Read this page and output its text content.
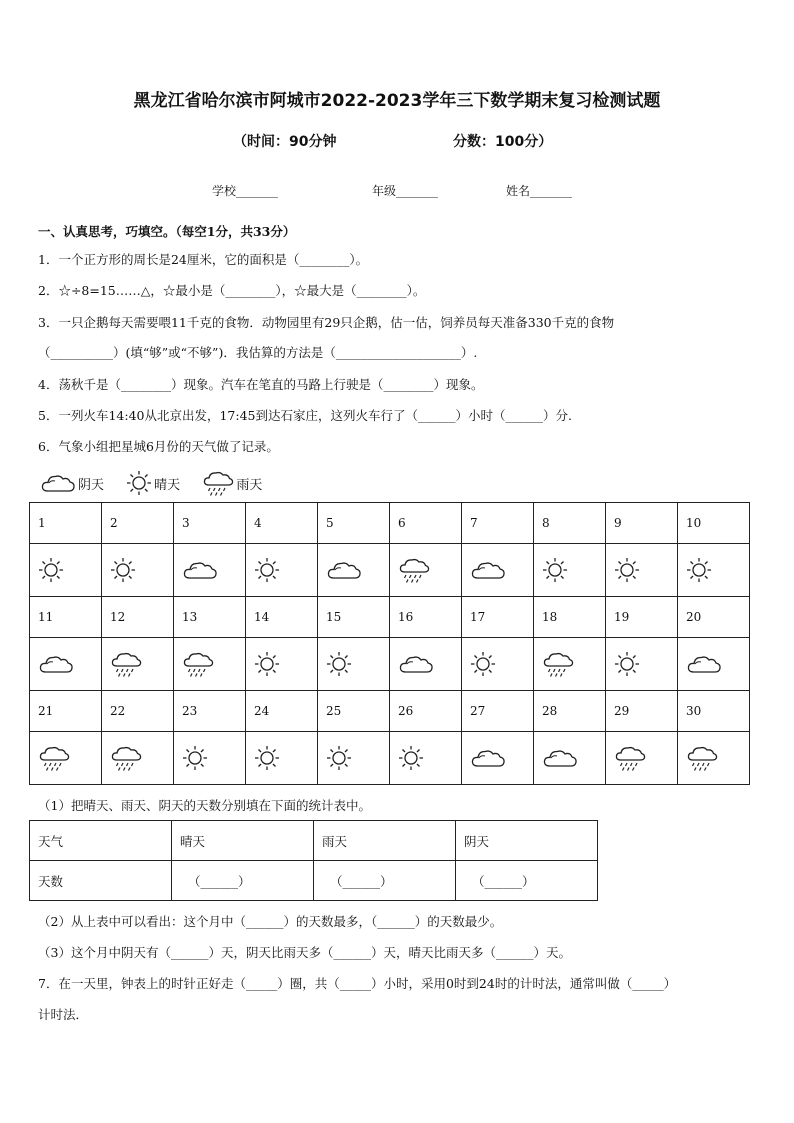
黑龙江省哈尔滨市阿城市2022-2023学年三下数学期末复习检测试题
（时间：90分钟	分数：100分）
学校_______	年级_______	姓名_______
一、认真思考，巧填空。（每空1分，共33分）
1．一个正方形的周长是24厘米，它的面积是（________）。
2．☆÷8=15……△，☆最小是（________），☆最大是（________）。
3．一只企鹅每天需要喂11千克的食物．动物园里有29只企鹅，估一估，饲养员每天准备330千克的食物
（__________）(填“够”或“不够”)．我估算的方法是（____________________）.
4．荡秋千是（________）现象。汽车在笔直的马路上行驶是（________）现象。
5．一列火车14:40从北京出发，17:45到达石家庄，这列火车行了（______）小时（______）分.
6．气象小组把星城6月份的天气做了记录。
阴天
	晴天
	雨天
1	2	3	4	5	6	7	8	9	10

11	12	13	14	15	16	17	18	19	20

21	22	23	24	25	26	27	28	29	30

（1）把晴天、雨天、阴天的天数分别填在下面的统计表中。
天气	晴天	雨天	阴天
天数	（______）	（______）	（______）
（2）从上表中可以看出：这个月中（______）的天数最多，（______）的天数最少。
（3）这个月中阴天有（______）天，阴天比雨天多（______）天，晴天比雨天多（______）天。
7．在一天里，钟表上的时针正好走（_____）圈，共（_____）小时，采用0时到24时的计时法，通常叫做（_____）
计时法．
